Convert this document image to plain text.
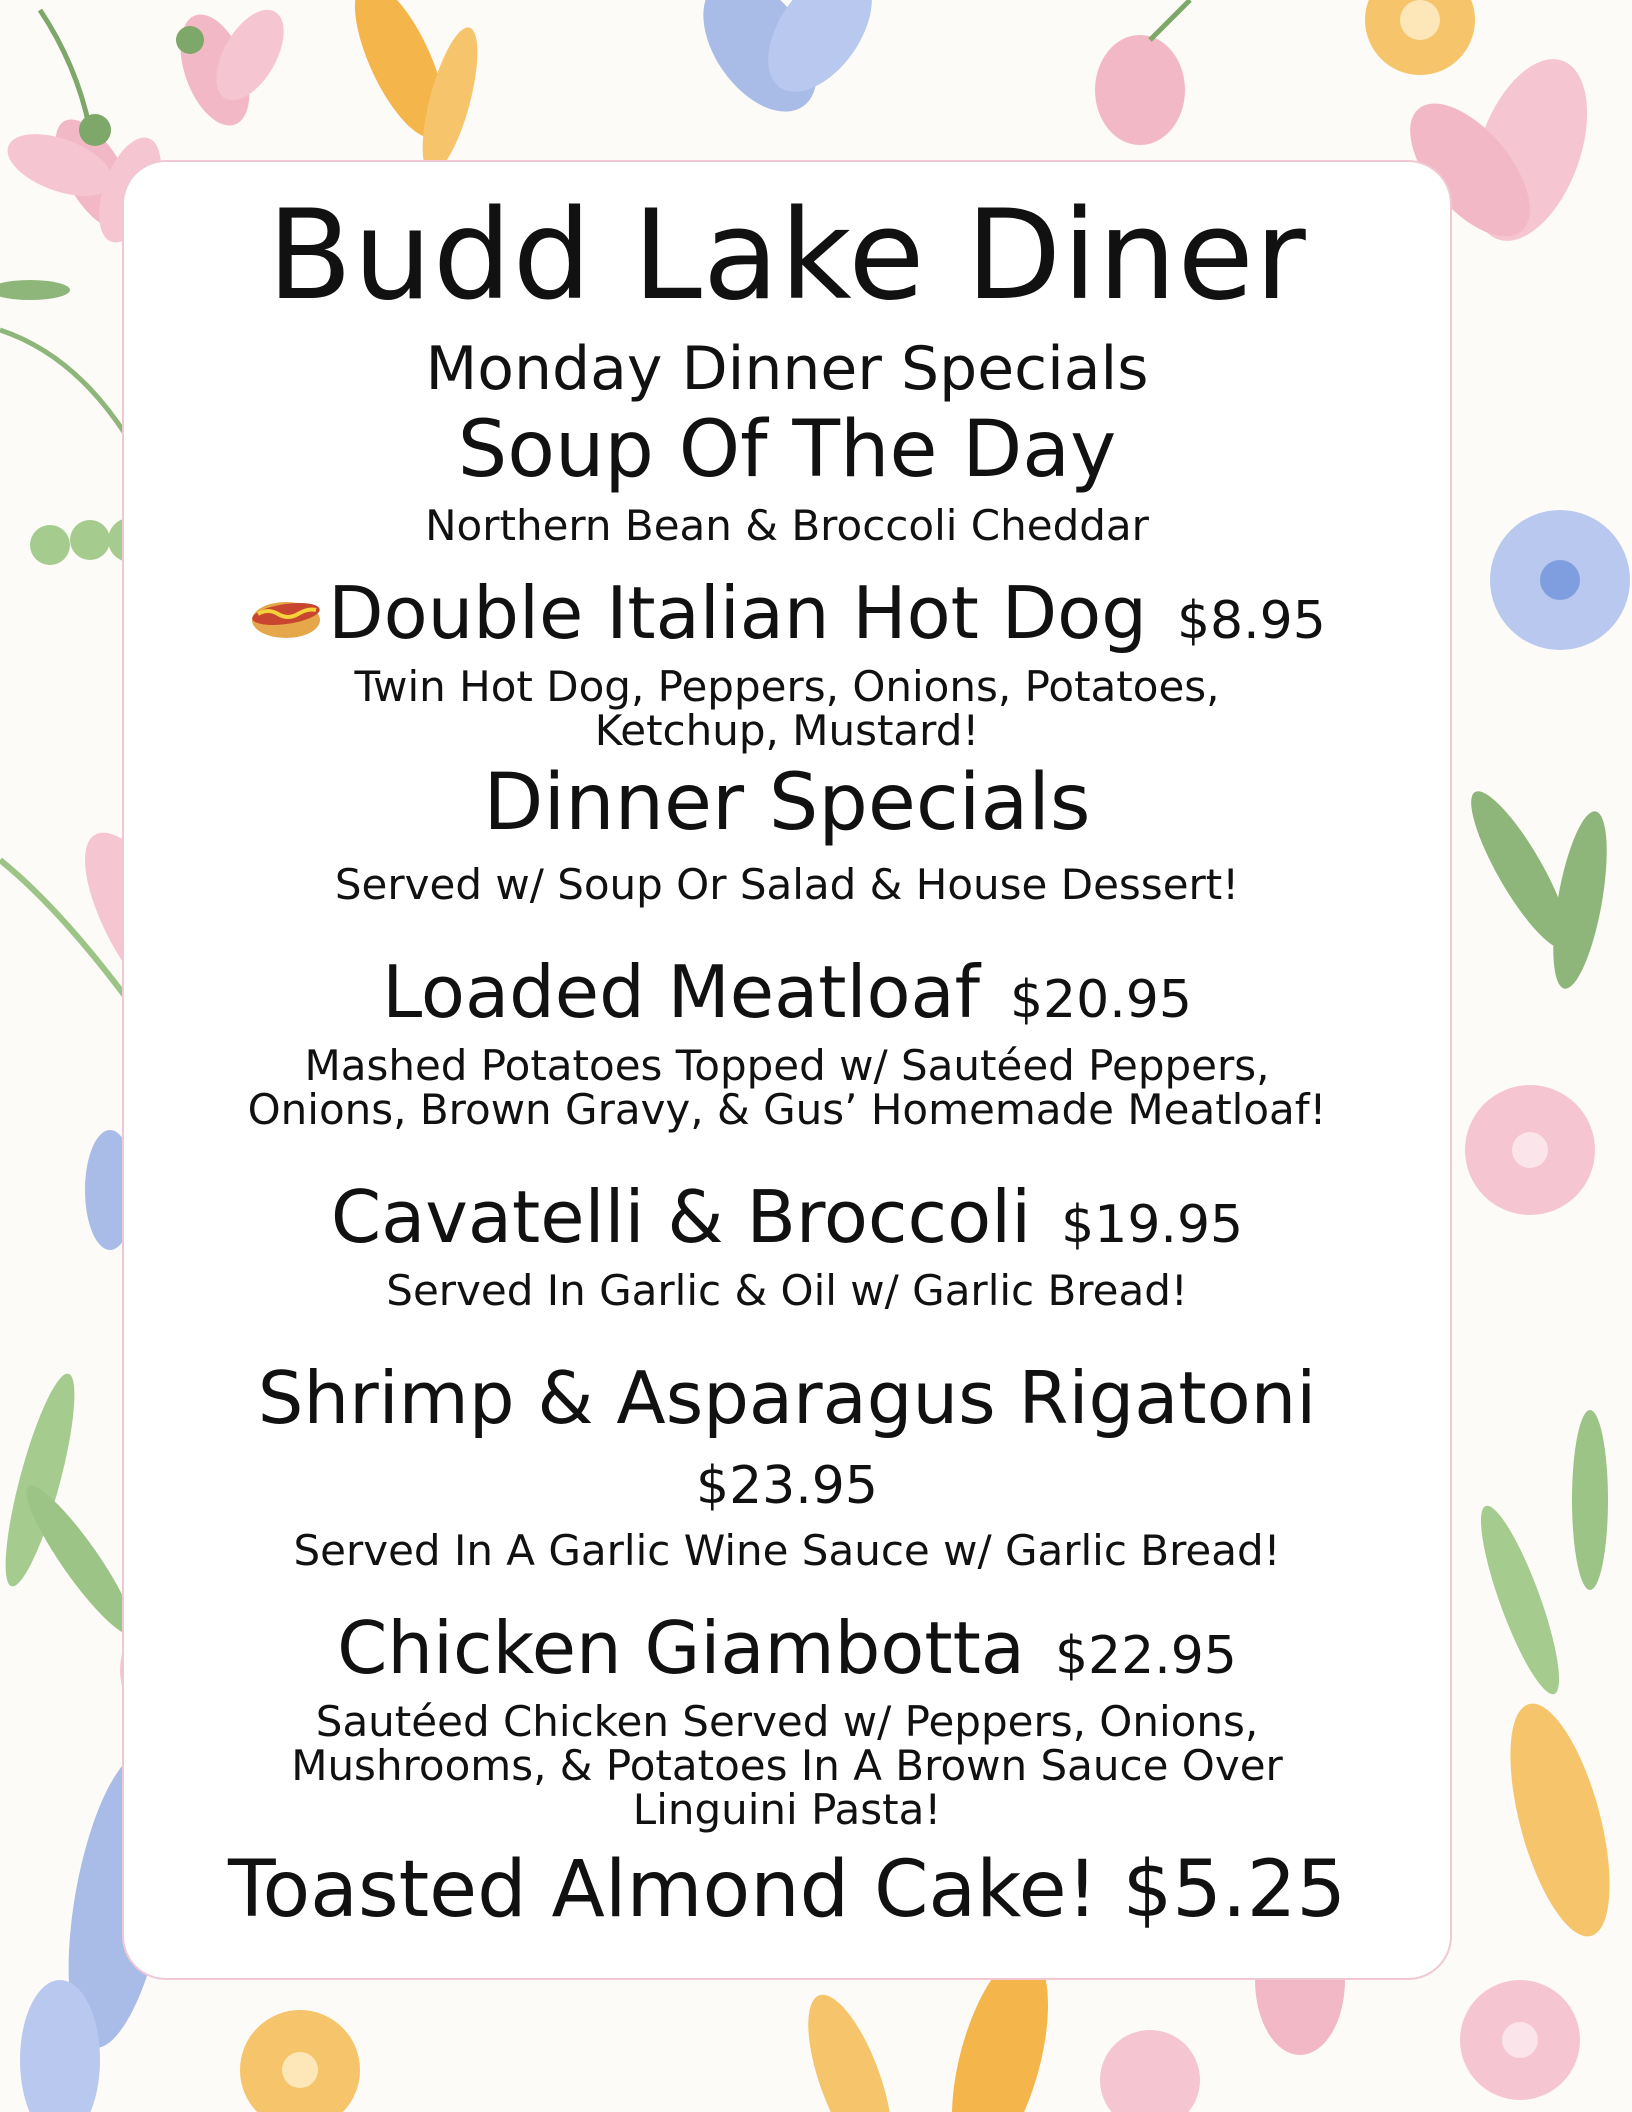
Budd Lake Diner
Monday Dinner Specials
Soup Of The Day
Northern Bean & Broccoli Cheddar
Double Italian Hot Dog $8.95
Twin Hot Dog, Peppers, Onions, Potatoes,
Ketchup, Mustard!
Dinner Specials
Served w/ Soup Or Salad & House Dessert!
Loaded Meatloaf $20.95
Mashed Potatoes Topped w/ Sautéed Peppers,
Onions, Brown Gravy, & Gus’ Homemade Meatloaf!
Cavatelli & Broccoli $19.95
Served In Garlic & Oil w/ Garlic Bread!
Shrimp & Asparagus Rigatoni
$23.95
Served In A Garlic Wine Sauce w/ Garlic Bread!
Chicken Giambotta $22.95
Sautéed Chicken Served w/ Peppers, Onions,
Mushrooms, & Potatoes In A Brown Sauce Over
Linguini Pasta!
Toasted Almond Cake! $5.25
